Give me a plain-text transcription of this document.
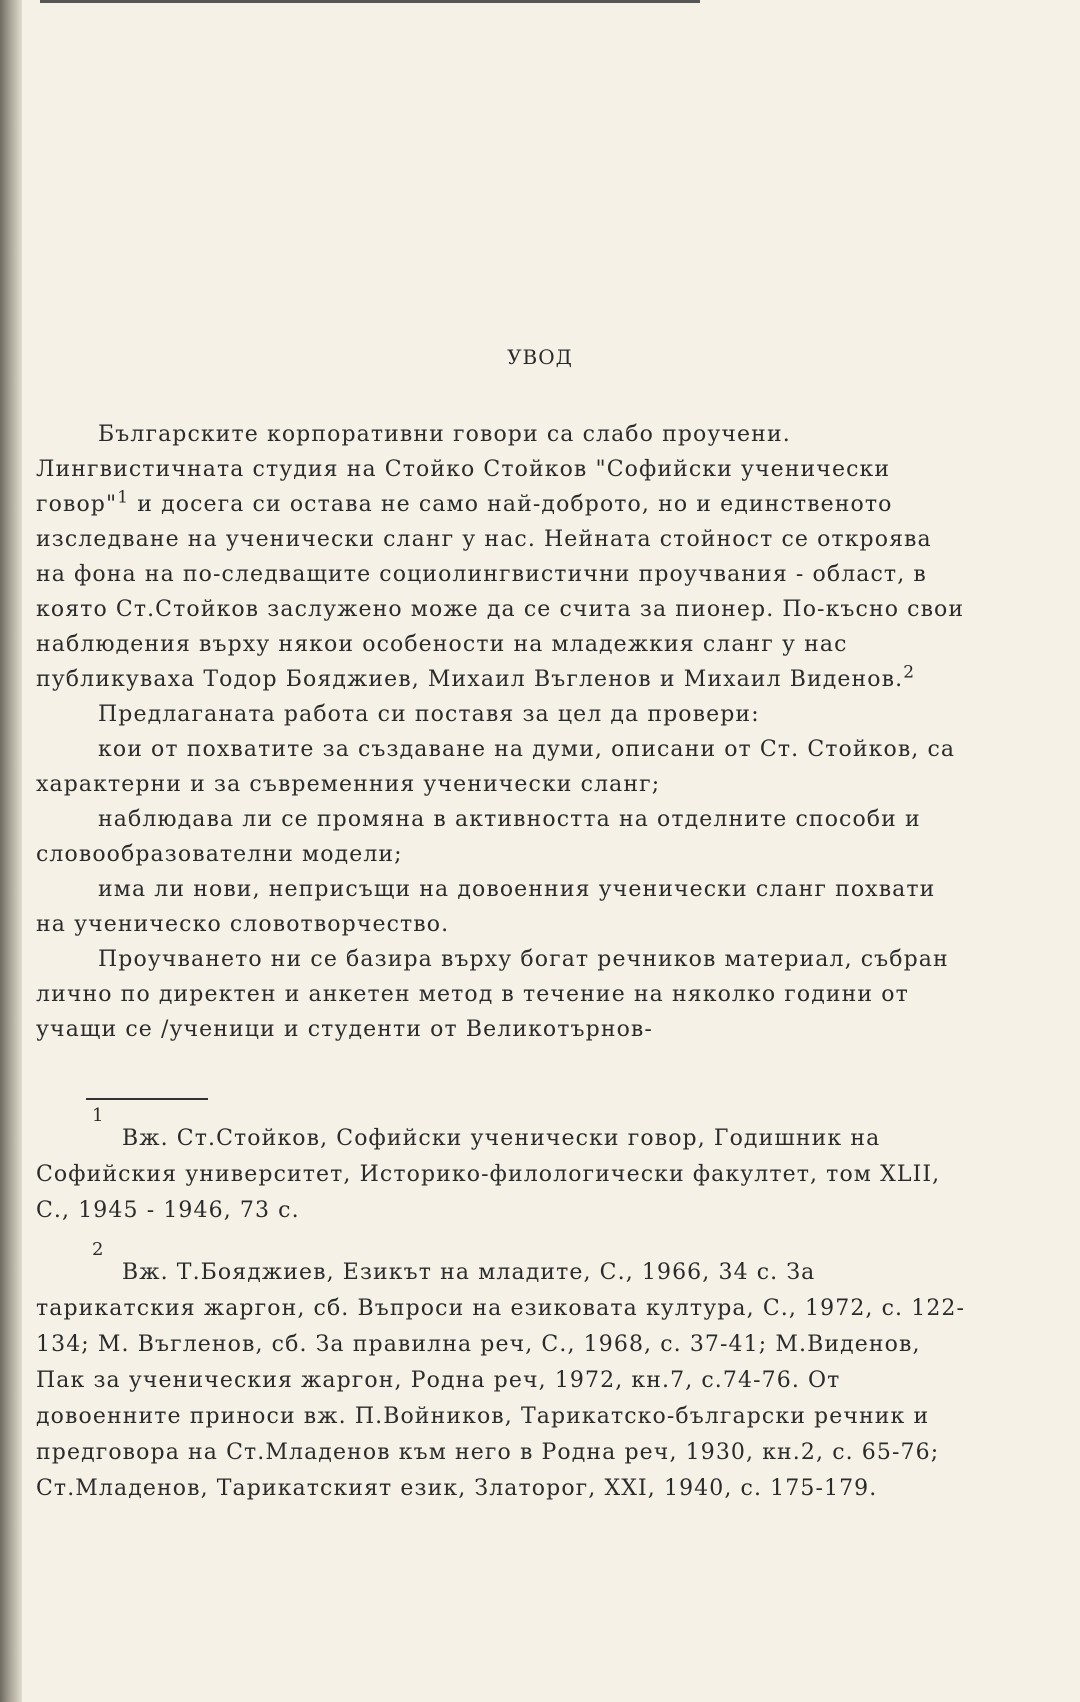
УВОД

Българските корпоративни говори са слабо проучени. Лингвистичната студия на Стойко Стойков "Софийски ученически говор"$^1$ и досега си остава не само най-доброто, но и единственото изследване на ученически сланг у нас. Нейната стойност се откроява на фона на по-следващите социолингвистични проучвания - област, в която Ст.Стойков заслужено може да се счита за пионер. По-късно свои наблюдения върху някои особености на младежкия сланг у нас публикуваха Тодор Бояджиев, Михаил Въгленов и Михаил Виденов.$^2$

Предлаганата работа си поставя за цел да провери:

кои от похватите за създаване на думи, описани от Ст. Стойков, са характерни и за съвременния ученически сланг;

наблюдава ли се промяна в активността на отделните способи и словообразователни модели;

има ли нови, неприсъщи на довоенния ученически сланг похвати на ученическо словотворчество.

Проучването ни се базира върху богат речников материал, събран лично по директен и анкетен метод в течение на няколко години от учащи се /ученици и студенти от Великотърнов-

1

Вж. Ст.Стойков, Софийски ученически говор, Годишник на Софийския университет, Историко-филологически факултет, том XLII, С., 1945 - 1946, 73 с.

2

Вж. Т.Бояджиев, Езикът на младите, С., 1966, 34 с. За тарикатския жаргон, сб. Въпроси на езиковата култура, С., 1972, с. 122-134; М. Въгленов, сб. За правилна реч, С., 1968, с. 37-41; М.Виденов, Пак за ученическия жаргон, Родна реч, 1972, кн.7, с.74-76. От довоенните приноси вж. П.Войников, Тарикатско-български речник и предговора на Ст.Младенов към него в Родна реч, 1930, кн.2, с. 65-76; Ст.Младенов, Тарикатският език, Златорог, XXI, 1940, с. 175-179.
